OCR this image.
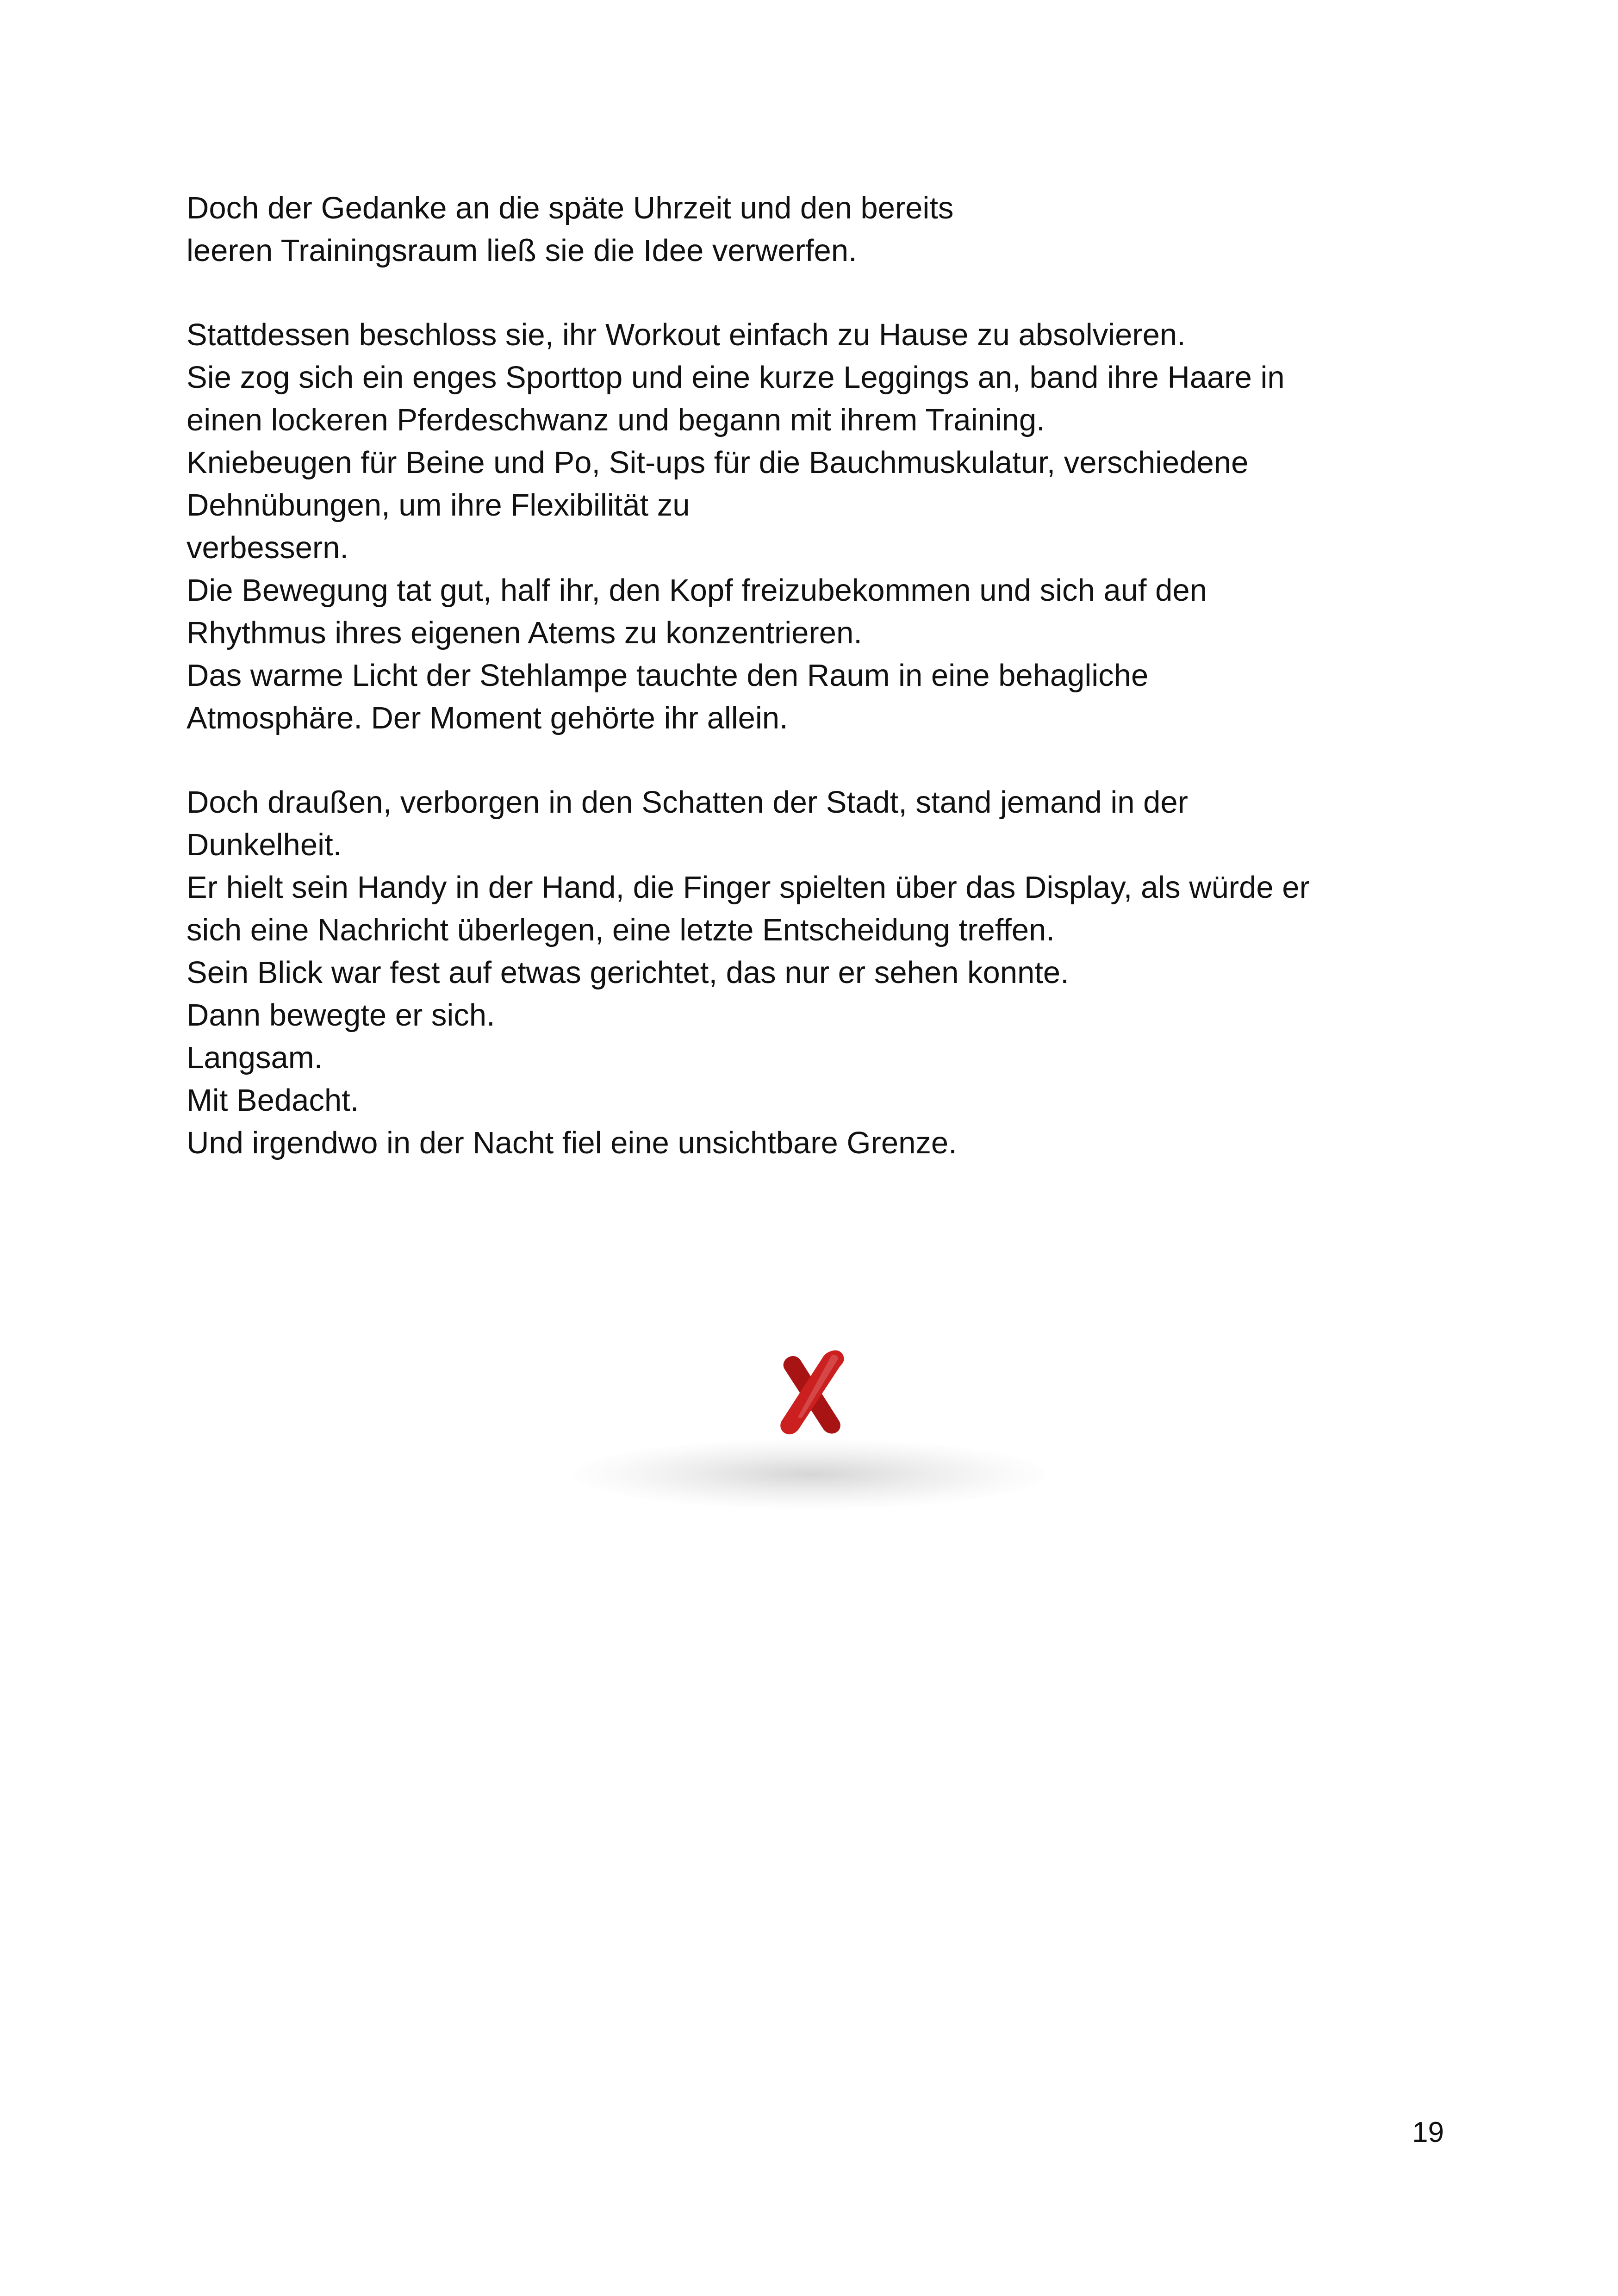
Doch der Gedanke an die späte Uhrzeit und den bereits
leeren Trainingsraum ließ sie die Idee verwerfen.

Stattdessen beschloss sie, ihr Workout einfach zu Hause zu absolvieren.
Sie zog sich ein enges Sporttop und eine kurze Leggings an, band ihre Haare in
einen lockeren Pferdeschwanz und begann mit ihrem Training.
Kniebeugen für Beine und Po, Sit-ups für die Bauchmuskulatur, verschiedene
Dehnübungen, um ihre Flexibilität zu
verbessern.
Die Bewegung tat gut, half ihr, den Kopf freizubekommen und sich auf den
Rhythmus ihres eigenen Atems zu konzentrieren.
Das warme Licht der Stehlampe tauchte den Raum in eine behagliche
Atmosphäre. Der Moment gehörte ihr allein.

Doch draußen, verborgen in den Schatten der Stadt, stand jemand in der
Dunkelheit.
Er hielt sein Handy in der Hand, die Finger spielten über das Display, als würde er
sich eine Nachricht überlegen, eine letzte Entscheidung treffen.
Sein Blick war fest auf etwas gerichtet, das nur er sehen konnte.
Dann bewegte er sich.
Langsam.
Mit Bedacht.
Und irgendwo in der Nacht fiel eine unsichtbare Grenze.

19
